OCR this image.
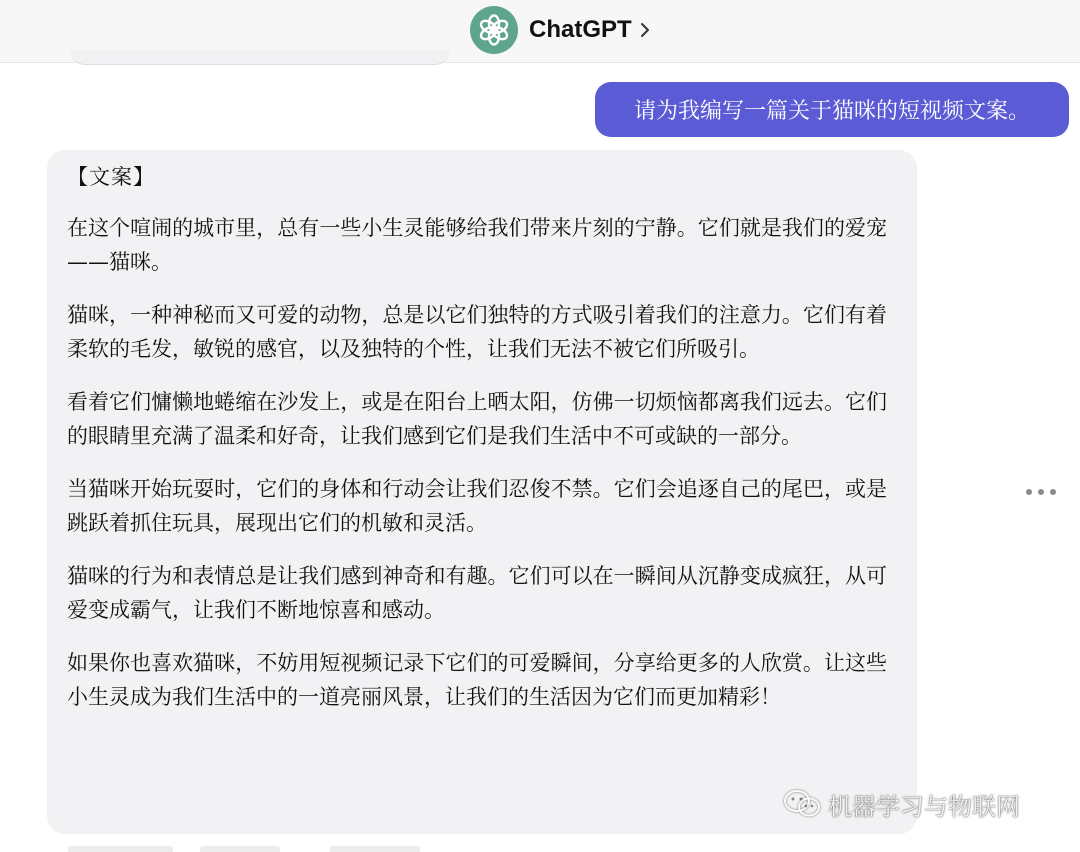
ChatGPT
请为我编写一篇关于猫咪的短视频文案。
【文案】

在这个喧闹的城市里，总有一些小生灵能够给我们带来片刻的宁静。它们就是我们的爱宠——猫咪。

猫咪，一种神秘而又可爱的动物，总是以它们独特的方式吸引着我们的注意力。它们有着柔软的毛发，敏锐的感官，以及独特的个性，让我们无法不被它们所吸引。

看着它们慵懒地蜷缩在沙发上，或是在阳台上晒太阳，仿佛一切烦恼都离我们远去。它们的眼睛里充满了温柔和好奇，让我们感到它们是我们生活中不可或缺的一部分。

当猫咪开始玩耍时，它们的身体和行动会让我们忍俊不禁。它们会追逐自己的尾巴，或是跳跃着抓住玩具，展现出它们的机敏和灵活。

猫咪的行为和表情总是让我们感到神奇和有趣。它们可以在一瞬间从沉静变成疯狂，从可爱变成霸气，让我们不断地惊喜和感动。

如果你也喜欢猫咪，不妨用短视频记录下它们的可爱瞬间，分享给更多的人欣赏。让这些小生灵成为我们生活中的一道亮丽风景，让我们的生活因为它们而更加精彩！

机器学习与物联网
